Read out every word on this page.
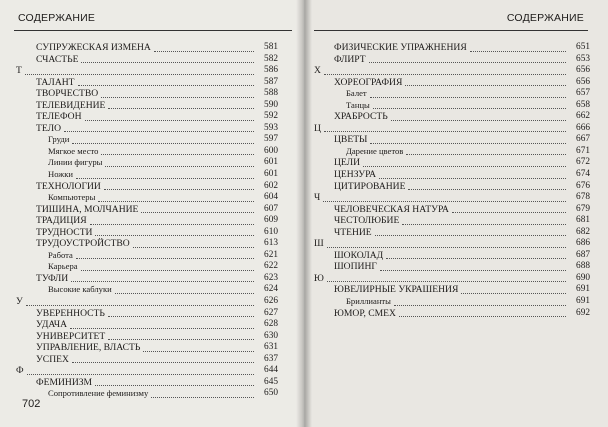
СОДЕРЖАНИЕ
СУПРУЖЕСКАЯ ИЗМЕНА	581
СЧАСТЬЕ	582
Т	586
ТАЛАНТ	587
ТВОРЧЕСТВО	588
ТЕЛЕВИДЕНИЕ	590
ТЕЛЕФОН	592
ТЕЛО	593
Груди	597
Мягкое место	600
Линии фигуры	601
Ножки	601
ТЕХНОЛОГИИ	602
Компьютеры	604
ТИШИНА, МОЛЧАНИЕ	607
ТРАДИЦИЯ	609
ТРУДНОСТИ	610
ТРУДОУСТРОЙСТВО	613
Работа	621
Карьера	622
ТУФЛИ	623
Высокие каблуки	624
У	626
УВЕРЕННОСТЬ	627
УДАЧА	628
УНИВЕРСИТЕТ	630
УПРАВЛЕНИЕ, ВЛАСТЬ	631
УСПЕХ	637
Ф	644
ФЕМИНИЗМ	645
Сопротивление феминизму	650
702
СОДЕРЖАНИЕ
ФИЗИЧЕСКИЕ УПРАЖНЕНИЯ	651
ФЛИРТ	653
Х	656
ХОРЕОГРАФИЯ	656
Балет	657
Танцы	658
ХРАБРОСТЬ	662
Ц	666
ЦВЕТЫ	667
Дарение цветов	671
ЦЕЛИ	672
ЦЕНЗУРА	674
ЦИТИРОВАНИЕ	676
Ч	678
ЧЕЛОВЕЧЕСКАЯ НАТУРА	679
ЧЕСТОЛЮБИЕ	681
ЧТЕНИЕ	682
Ш	686
ШОКОЛАД	687
ШОПИНГ	688
Ю	690
ЮВЕЛИРНЫЕ УКРАШЕНИЯ	691
Бриллианты	691
ЮМОР, СМЕХ	692
